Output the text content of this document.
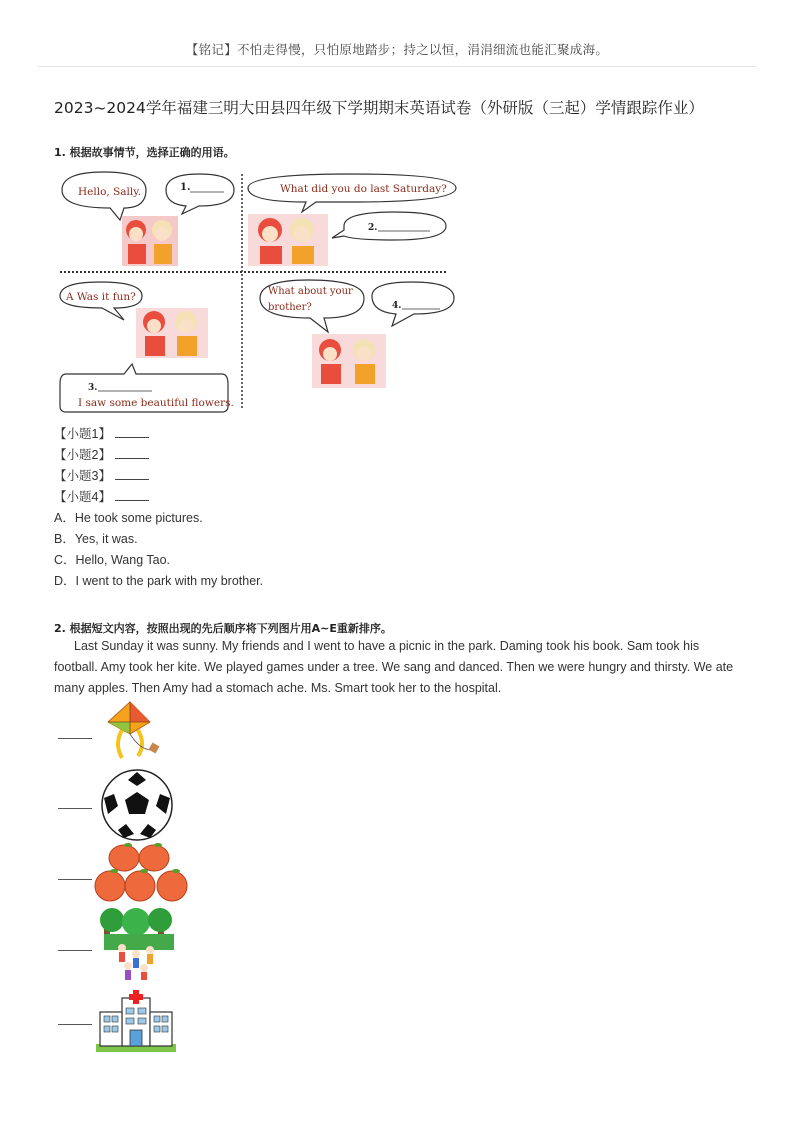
【铭记】不怕走得慢，只怕原地踏步；持之以恒，涓涓细流也能汇聚成海。
2023~2024学年福建三明大田县四年级下学期期末英语试卷（外研版（三起）学情跟踪作业）
1. 根据故事情节，选择正确的用语。
Hello, Sally.	1.	What did you do last Saturday?
2.
A Was it fun?
3.
I saw some beautiful flowers.
What about your
brother?	4.
【小题1】
【小题2】
【小题3】
【小题4】
A．He took some pictures.
B．Yes, it was.
C．Hello, Wang Tao.
D．I went to the park with my brother.
2. 根据短文内容，按照出现的先后顺序将下列图片用A~E重新排序。
Last Sunday it was sunny. My friends and I went to have a picnic in the park. Daming took his book. Sam took his football. Amy took her kite. We played games under a tree. We sang and danced. Then we were hungry and thirsty. We ate many apples. Then Amy had a stomach ache. Ms. Smart took her to the hospital.
